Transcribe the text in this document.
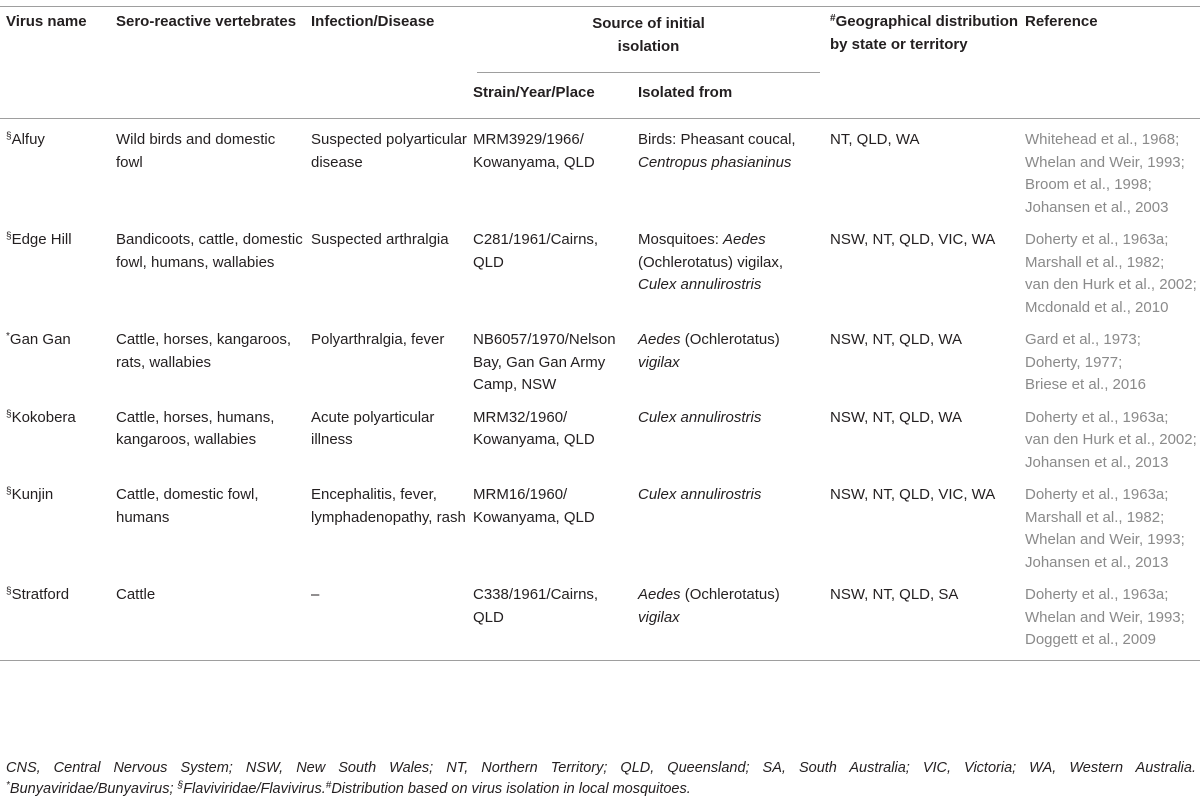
Virus name	Sero-reactive vertebrates	Infection/Disease	Source of initial isolation		#Geographical distribution by state or territory	Reference
			Strain/Year/Place	Isolated from		
§Alfuy	Wild birds and domestic fowl	Suspected polyarticular disease	MRM3929/1966/ Kowanyama, QLD	Birds: Pheasant coucal, Centropus phasianinus	NT, QLD, WA	Whitehead et al., 1968;
Whelan and Weir, 1993;
Broom et al., 1998;
Johansen et al., 2003

§Edge Hill	Bandicoots, cattle, domestic fowl, humans, wallabies	Suspected arthralgia	C281/1961/Cairns, QLD	Mosquitoes: Aedes (Ochlerotatus) vigilax, Culex annulirostris	NSW, NT, QLD, VIC, WA	Doherty et al., 1963a;
Marshall et al., 1982;
van den Hurk et al., 2002;
Mcdonald et al., 2010

*Gan Gan	Cattle, horses, kangaroos, rats, wallabies	Polyarthralgia, fever	NB6057/1970/Nelson Bay, Gan Gan Army Camp, NSW	Aedes (Ochlerotatus) vigilax	NSW, NT, QLD, WA	Gard et al., 1973;
Doherty, 1977;
Briese et al., 2016

§Kokobera	Cattle, horses, humans, kangaroos, wallabies	Acute polyarticular illness	MRM32/1960/ Kowanyama, QLD	Culex annulirostris	NSW, NT, QLD, WA	Doherty et al., 1963a;
van den Hurk et al., 2002;
Johansen et al., 2013

§Kunjin	Cattle, domestic fowl, humans	Encephalitis, fever, lymphadenopathy, rash	MRM16/1960/ Kowanyama, QLD	Culex annulirostris	NSW, NT, QLD, VIC, WA	Doherty et al., 1963a;
Marshall et al., 1982;
Whelan and Weir, 1993;
Johansen et al., 2013

§Stratford	Cattle	–	C338/1961/Cairns, QLD	Aedes (Ochlerotatus) vigilax	NSW, NT, QLD, SA	Doherty et al., 1963a;
Whelan and Weir, 1993;
Doggett et al., 2009
CNS, Central Nervous System; NSW, New South Wales; NT, Northern Territory; QLD, Queensland; SA, South Australia; VIC, Victoria; WA, Western Australia.
*Bunyaviridae/Bunyavirus; §Flaviviridae/Flavivirus.#Distribution based on virus isolation in local mosquitoes.
